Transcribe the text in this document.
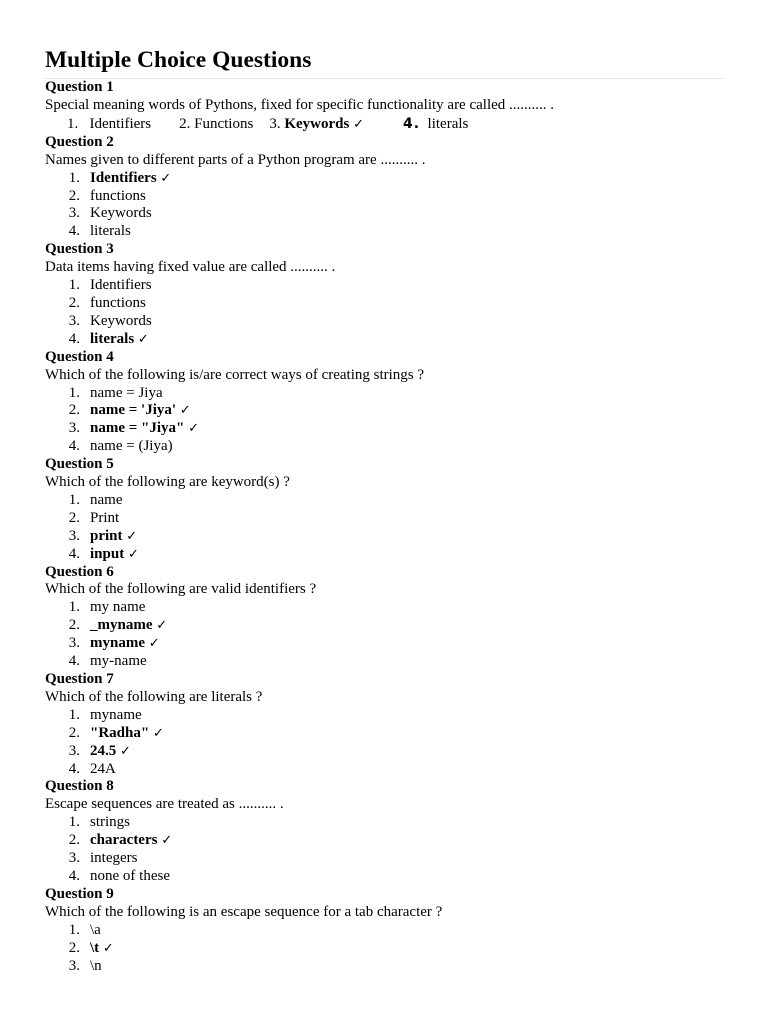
Multiple Choice Questions
Question 1
Special meaning words of Pythons, fixed for specific functionality are called .......... .
1.
Identifiers 2.
Functions 3.
Keywords
✓	4.
literals
Question 2
Names given to different parts of a Python program are .......... .
1. Identifiers
✓
2. functions
3. Keywords
4. literals
Question 3
Data items having fixed value are called .......... .
1. Identifiers
2. functions
3. Keywords
4. literals
✓
Question 4
Which of the following is/are correct ways of creating strings ?
1. name = Jiya
2. name = 'Jiya'
✓
3. name = "Jiya"
✓
4. name = (Jiya)
Question 5
Which of the following are keyword(s) ?
1. name
2. Print
3. print
✓
4. input
✓
Question 6
Which of the following are valid identifiers ?
1. my name
2. _myname
✓
3. myname
✓
4. my-name
Question 7
Which of the following are literals ?
1. myname
2. "Radha"
✓
3. 24.5
✓
4. 24A
Question 8
Escape sequences are treated as .......... .
1. strings
2. characters
✓
3. integers
4. none of these
Question 9
Which of the following is an escape sequence for a tab character ?
1. \a
2. \t
✓
3. \n
